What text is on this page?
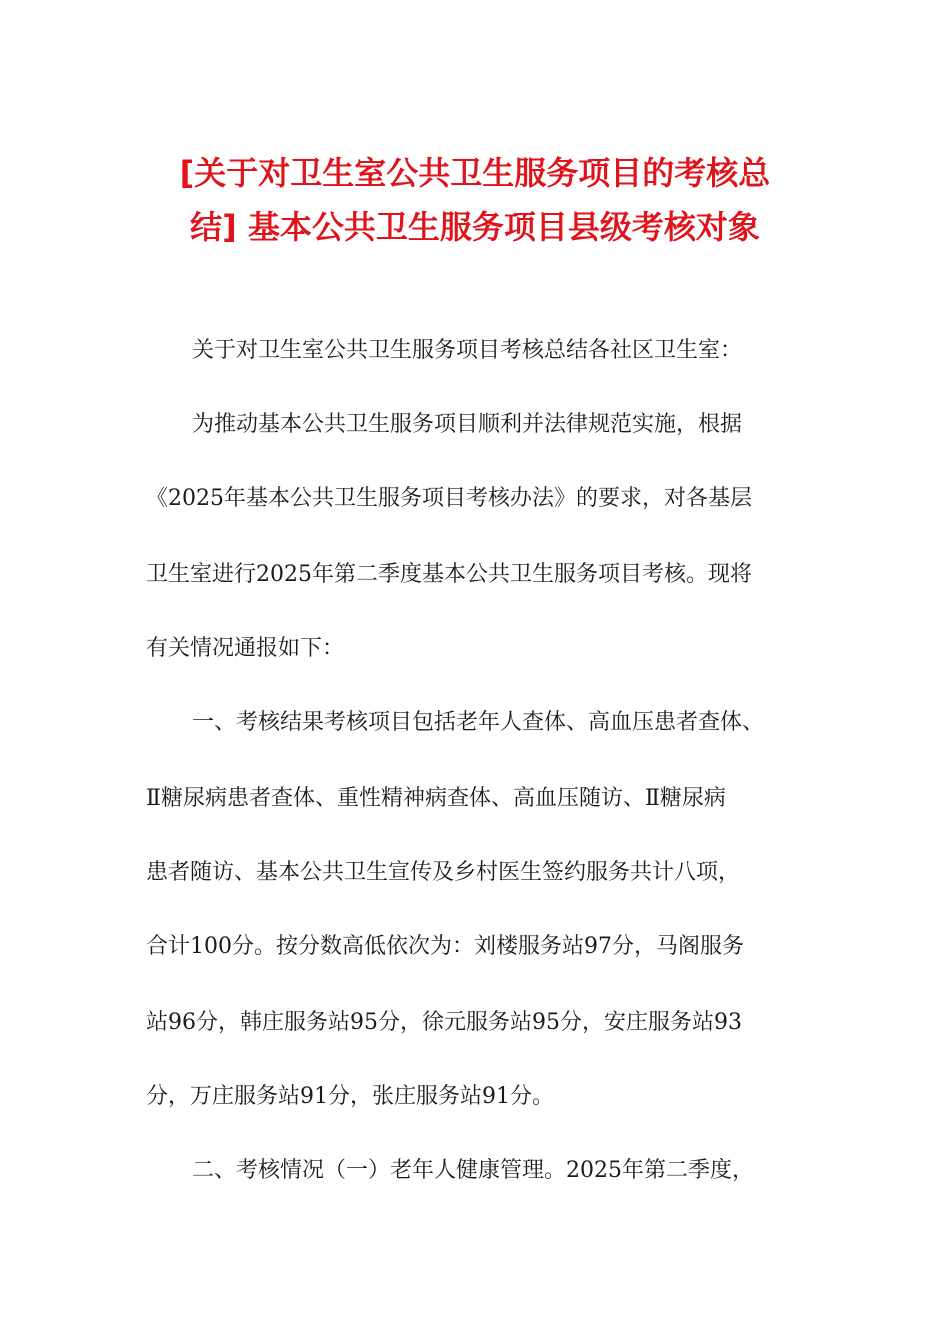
[关于对卫生室公共卫生服务项目的考核总
结] 基本公共卫生服务项目县级考核对象
关于对卫生室公共卫生服务项目考核总结各社区卫生室：
为推动基本公共卫生服务项目顺利并法律规范实施，根据
《2025年基本公共卫生服务项目考核办法》的要求，对各基层
卫生室进行2025年第二季度基本公共卫生服务项目考核。现将
有关情况通报如下：
一、考核结果考核项目包括老年人查体、高血压患者查体、
Ⅱ糖尿病患者查体、重性精神病查体、高血压随访、Ⅱ糖尿病
患者随访、基本公共卫生宣传及乡村医生签约服务共计八项，
合计100分。按分数高低依次为：刘楼服务站97分，马阁服务
站96分，韩庄服务站95分，徐元服务站95分，安庄服务站93
分，万庄服务站91分，张庄服务站91分。
二、考核情况（一）老年人健康管理。2025年第二季度，
